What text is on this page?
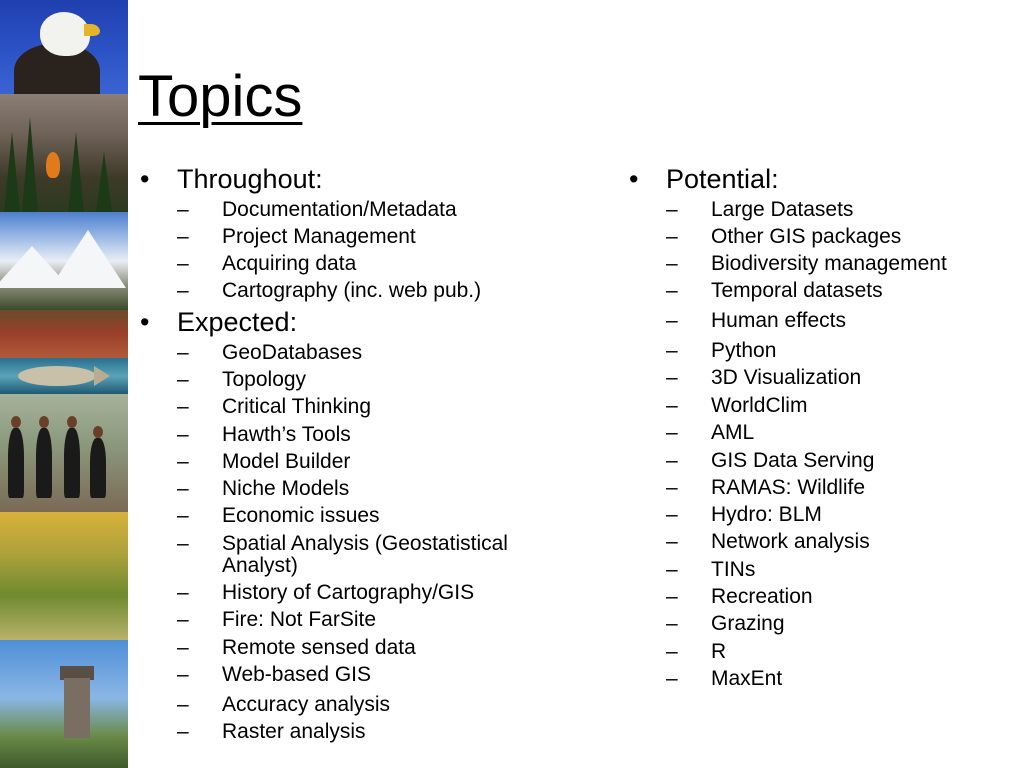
Topics
• Throughout:
– Documentation/Metadata
– Project Management
– Acquiring data
– Cartography (inc. web pub.)
• Expected:
– GeoDatabases
– Topology
– Critical Thinking
– Hawth’s Tools
– Model Builder
– Niche Models
– Economic issues
– Spatial Analysis (Geostatistical
Analyst)
– History of Cartography/GIS
– Fire: Not FarSite
– Remote sensed data
– Web-based GIS
– Accuracy analysis
– Raster analysis
• Potential:
– Large Datasets
– Other GIS packages
– Biodiversity management
– Temporal datasets
– Human effects
– Python
– 3D Visualization
– WorldClim
– AML
– GIS Data Serving
– RAMAS: Wildlife
– Hydro: BLM
– Network analysis
– TINs
– Recreation
– Grazing
– R
– MaxEnt
